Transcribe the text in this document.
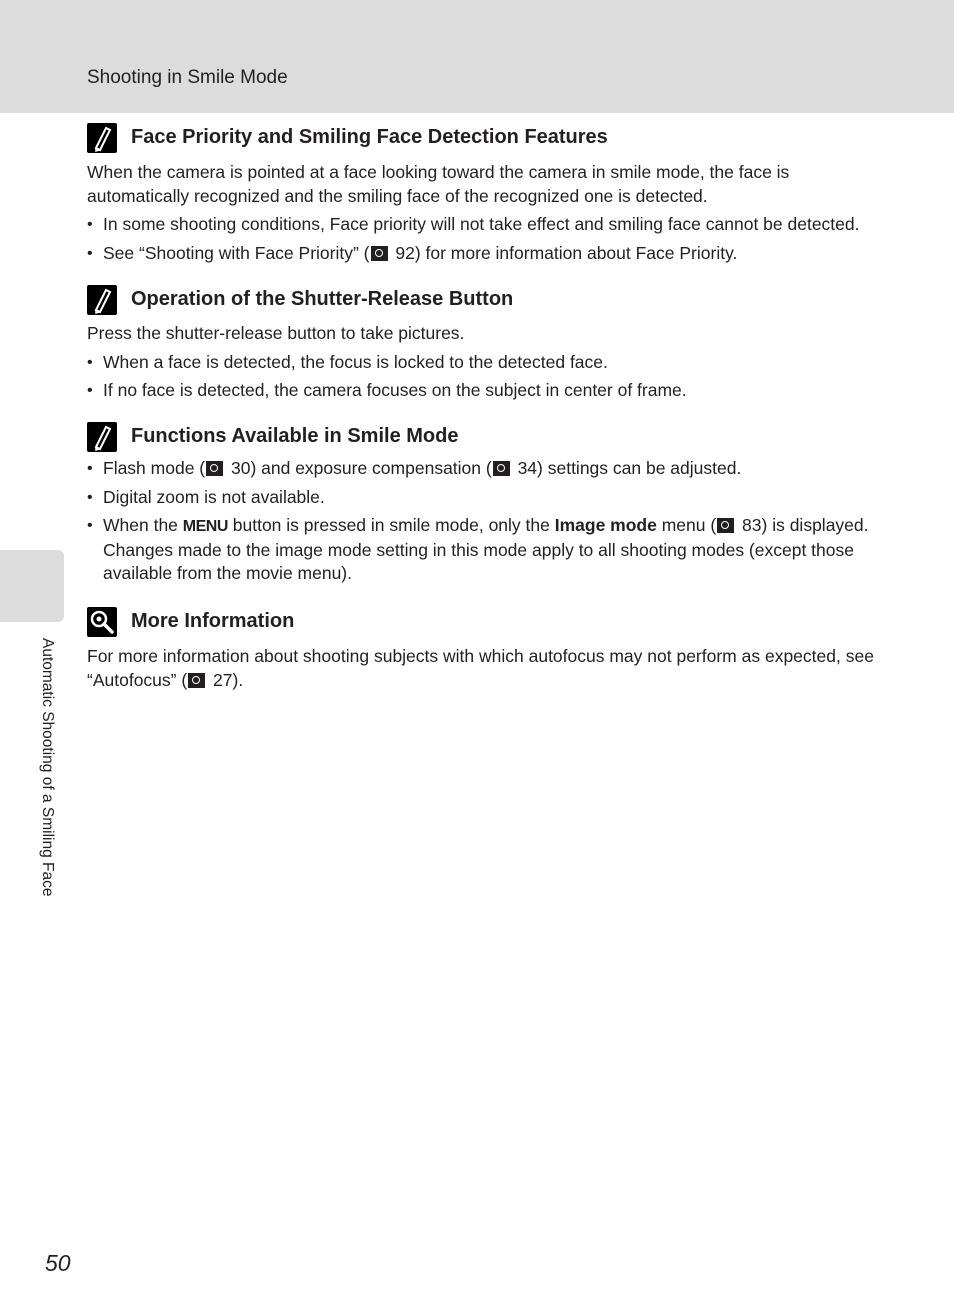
Shooting in Smile Mode
Automatic Shooting of a Smiling Face
Face Priority and Smiling Face Detection Features

When the camera is pointed at a face looking toward the camera in smile mode, the face is automatically recognized and the smiling face of the recognized one is detected.

• In some shooting conditions, Face priority will not take effect and smiling face cannot be detected.
• See “Shooting with Face Priority” ( 92) for more information about Face Priority.
Operation of the Shutter-Release Button

Press the shutter-release button to take pictures.

• When a face is detected, the focus is locked to the detected face.
• If no face is detected, the camera focuses on the subject in center of frame.
Functions Available in Smile Mode
• Flash mode ( 30) and exposure compensation ( 34) settings can be adjusted.
• Digital zoom is not available.
• When the MENU button is pressed in smile mode, only the Image mode menu ( 83) is displayed. Changes made to the image mode setting in this mode apply to all shooting modes (except those available from the movie menu).
More Information

For more information about shooting subjects with which autofocus may not perform as expected, see “Autofocus” ( 27).

50
